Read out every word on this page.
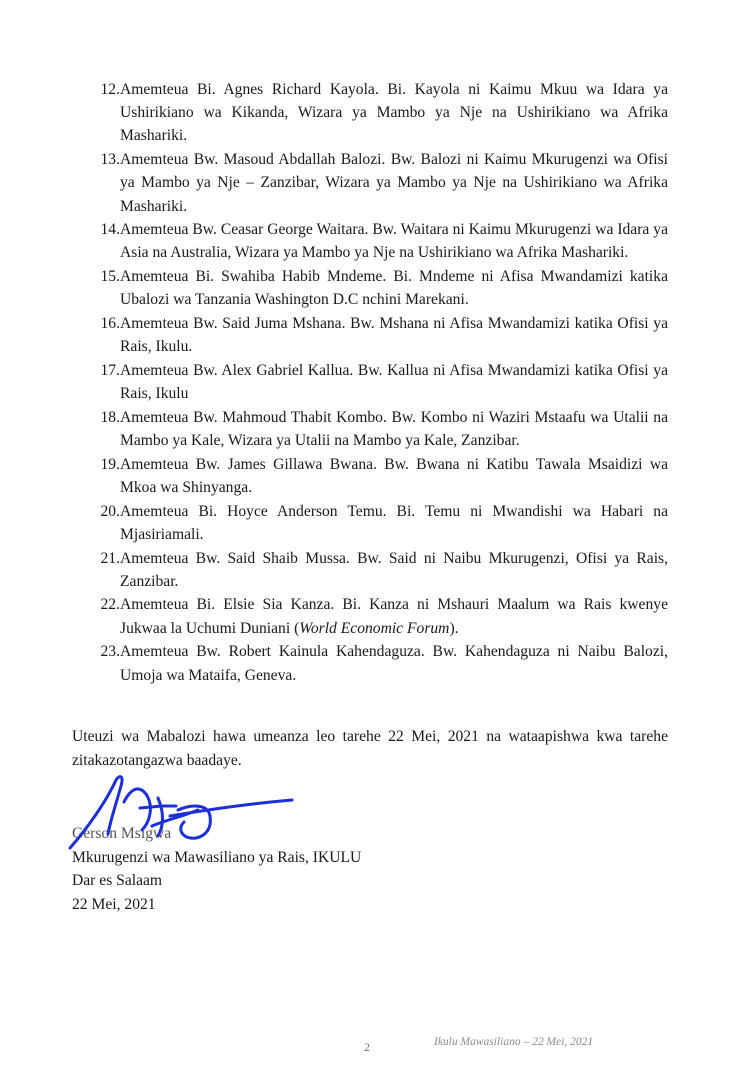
12. Amemteua Bi. Agnes Richard Kayola. Bi. Kayola ni Kaimu Mkuu wa Idara ya Ushirikiano wa Kikanda, Wizara ya Mambo ya Nje na Ushirikiano wa Afrika Mashariki.
13. Amemteua Bw. Masoud Abdallah Balozi. Bw. Balozi ni Kaimu Mkurugenzi wa Ofisi ya Mambo ya Nje – Zanzibar, Wizara ya Mambo ya Nje na Ushirikiano wa Afrika Mashariki.
14. Amemteua Bw. Ceasar George Waitara. Bw. Waitara ni Kaimu Mkurugenzi wa Idara ya Asia na Australia, Wizara ya Mambo ya Nje na Ushirikiano wa Afrika Mashariki.
15. Amemteua Bi. Swahiba Habib Mndeme. Bi. Mndeme ni Afisa Mwandamizi katika Ubalozi wa Tanzania Washington D.C nchini Marekani.
16. Amemteua Bw. Said Juma Mshana. Bw. Mshana ni Afisa Mwandamizi katika Ofisi ya Rais, Ikulu.
17. Amemteua Bw. Alex Gabriel Kallua. Bw. Kallua ni Afisa Mwandamizi katika Ofisi ya Rais, Ikulu
18. Amemteua Bw. Mahmoud Thabit Kombo. Bw. Kombo ni Waziri Mstaafu wa Utalii na Mambo ya Kale, Wizara ya Utalii na Mambo ya Kale, Zanzibar.
19. Amemteua Bw. James Gillawa Bwana. Bw. Bwana ni Katibu Tawala Msaidizi wa Mkoa wa Shinyanga.
20. Amemteua Bi. Hoyce Anderson Temu. Bi. Temu ni Mwandishi wa Habari na Mjasiriamali.
21. Amemteua Bw. Said Shaib Mussa. Bw. Said ni Naibu Mkurugenzi, Ofisi ya Rais, Zanzibar.
22. Amemteua Bi. Elsie Sia Kanza. Bi. Kanza ni Mshauri Maalum wa Rais kwenye Jukwaa la Uchumi Duniani (World Economic Forum).
23. Amemteua Bw. Robert Kainula Kahendaguza. Bw. Kahendaguza ni Naibu Balozi, Umoja wa Mataifa, Geneva.

Uteuzi wa Mabalozi hawa umeanza leo tarehe 22 Mei, 2021 na wataapishwa kwa tarehe zitakazotangazwa baadaye.

Gerson Msigwa
Mkurugenzi wa Mawasiliano ya Rais, IKULU
Dar es Salaam
22 Mei, 2021
2	Ikulu Mawasiliano – 22 Mei, 2021
